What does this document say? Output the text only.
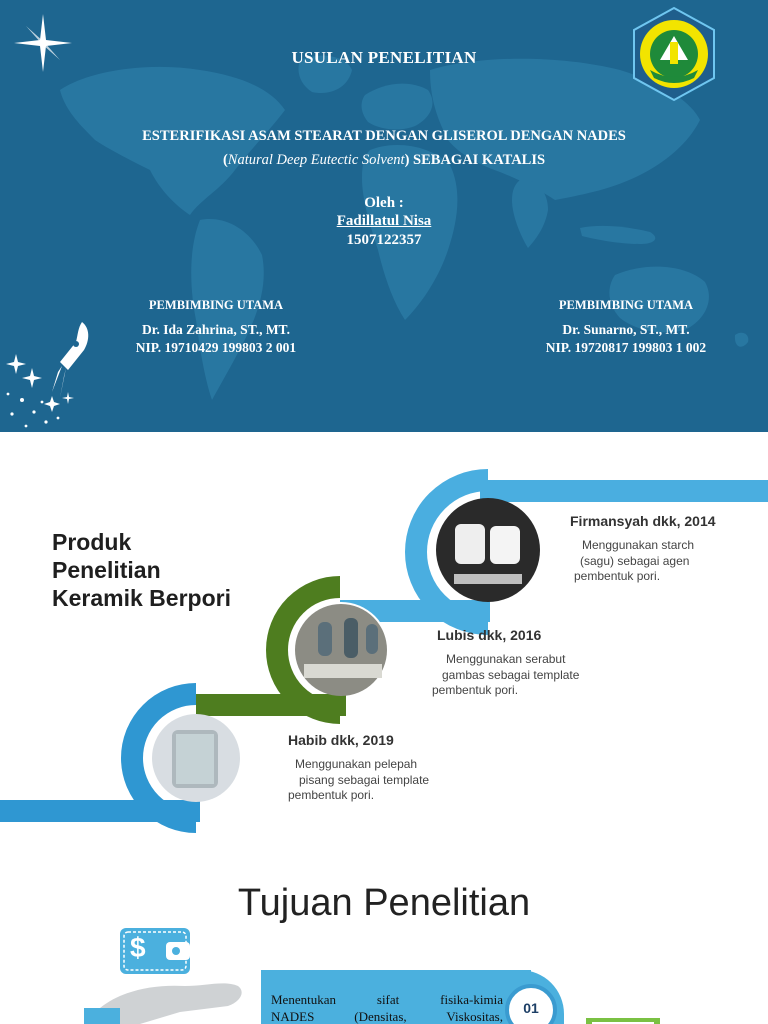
USULAN PENELITIAN
ESTERIFIKASI ASAM STEARAT DENGAN GLISEROL DENGAN NADES
(Natural Deep Eutectic Solvent) SEBAGAI KATALIS
Oleh :
Fadillatul Nisa
1507122357
PEMBIMBING UTAMA
Dr. Ida Zahrina, ST., MT.
NIP. 19710429 199803 2 001
PEMBIMBING UTAMA
Dr. Sunarno, ST., MT.
NIP. 19720817 199803 1 002
Produk
Penelitian
Keramik Berpori
Firmansyah dkk, 2014
Menggunakan starch
(sagu) sebagai agen
pembentuk pori.
Lubis dkk, 2016
Menggunakan serabut
gambas sebagai template
pembentuk pori.
Habib dkk, 2019
Menggunakan pelepah
pisang sebagai template
pembentuk pori.
Tujuan Penelitian
$
Menentukan sifat fisika-kimia
NADES (Densitas, Viskositas,
01
